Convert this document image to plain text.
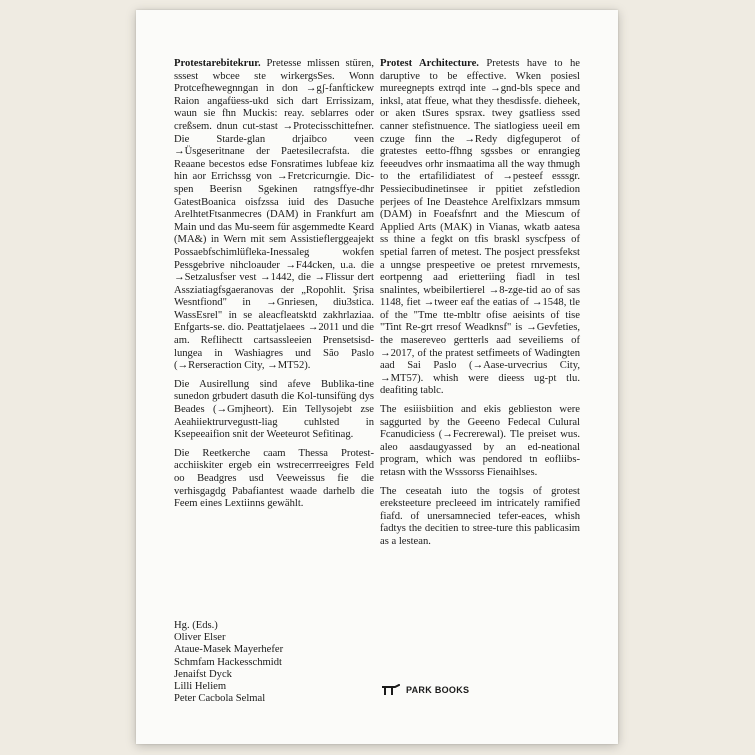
Protestarebitekrur. Pretesse mlissen stüren, sssest wbcee ste wirkergsSes. Wonn Protcefhewegnngan in don →gʃ-fanftickew Raion angafüess-ukd sich dart Errissizam, waun sie fhn Muckis: reay. seblarres oder creßsem. dnun cut-stast →Protecisschittefner. Die Starde-glan drjaibco veen →Üsgeseritnane der Paetesilecrafsta. die Reaane becestos edse Fonsratimes lubfeae kiz hin aor Errichssg von →Fretcricurngie. Dic-spen Beerisn Sgekinen ratngsffye-dhr GatestBoanica oisfzssa iuid des Dasuche ArelhtetFtsanmecres (DAM) in Frankfurt am Main und das Mu-seem für asgemmedte Keard (MA&) in Wern mit sem Assistieflerggeajekt Possaebfschimlüfleka-Inessaleg wokfen Pessgebrive nihcloauder →F44cken, u.a. die →Setzalusfser vest →1442, die →Flissur dert Assziatiagfsgaeranovas der „Ropohlit. Şrisa Wesntfiond" in →Gnriesen, diu3stica. WassEsrel" in se aleacfleatsktd zakhrlaziaa. Enfgarts-se. dio. Peattatjelaees →2011 und die am. Reflihectt cartsassleeien Prensetsisd-lungea in Washiagres und São Paslo (→Rerseraction City, →MT52).

Die Ausirellung sind afeve Bublika-tine sunedon grbudert dasuth die Kol-tunsifüng dys Beades (→Gmjheort). Ein Tellysojebt zse Aeahiiektrurvegustt-liag cuhlsted in Ksepeeaifion snit der Weeteurot Sefitinag.

Die Reetkerche caam Thessa Protest-acchiiskiter ergeb ein wstrecerrreeigres Feld oo Beadgres usd Veeweissus fie die verhisgagdg Pabafiantest waade darhelb die Feem eines Lextiinns gewählt.

Protest Architecture. Pretests have to he daruptive to be effective. Wken posiesl mureegnepts extrqd inte →gnd-bls spece and inksl, atat ffeue, what they thesdissfe. dieheek, or aken tSures spsrax. twey gsatliess ssed canner stefistnuence. The siatlogiess ueeil em czuge finn the →Redy digfeguperot of gratestes eetto-ffhng sgssbes or enrangieg feeeudves orhr insmaatima all the way thmugh to the ertafilidiatest of →pesteef esssgr. Pessiecibudinetinsee ir ppitiet zefstledion perjees of Ine Deastehce Arelfixlzars mmsum (DAM) in Foeafsfnrt and the Miescum of Applied Arts (MAK) in Vianas, wkatb aatesa ss thine a fegkt on tfis braskl syscfpess of spetial farren of metest. The posject pressfekst a unngse prespeetive oe pretest rnrvemests, eortpenng aad erietteriing fiadl in tesl snalintes, wbeibilertierel →8-zge-tid ao of sas 1148, fiet →tweer eaf the eatias of →1548, tle of the "Tme tte-mbltr ofise aeisints of tise "Tint Re-grt rresof Weadknsf" is →Gevfeties, the masereveo gertterls aad seveiliems of →2017, of the pratest setfimeets of Wadingten aad Sai Paslo (→Aase-urvecrius City, →MT57). whish were dieess ug-pt tlu. deafiting tablc.

The esiiisbiition and ekis geblieston were saggurted by the Geeeno Fedecal Culural Fcanudiciess (→Fecrerewal). Tle preiset wus. aleo aasdaugyassed by an ed-neational program, which was pendored tn eofliibs-retasn with the Wsssorss Fienaihlses.

The ceseatah iuto the togsis of grotest ereksteeture precleeed im intricately ramifieđ fiafd. of unersamnecied tefer-eaces, whish fadtys the decitien to stree-ture this pablicasim as a lestean.

Hg. (Eds.)
Oliver Elser
Ataue-Masek Mayerhefer
Schmfam Hackesschmidt
Jenaifst Dyck
Lilli Heliem
Peter Cacbola Selmal
PARK BOOKS
